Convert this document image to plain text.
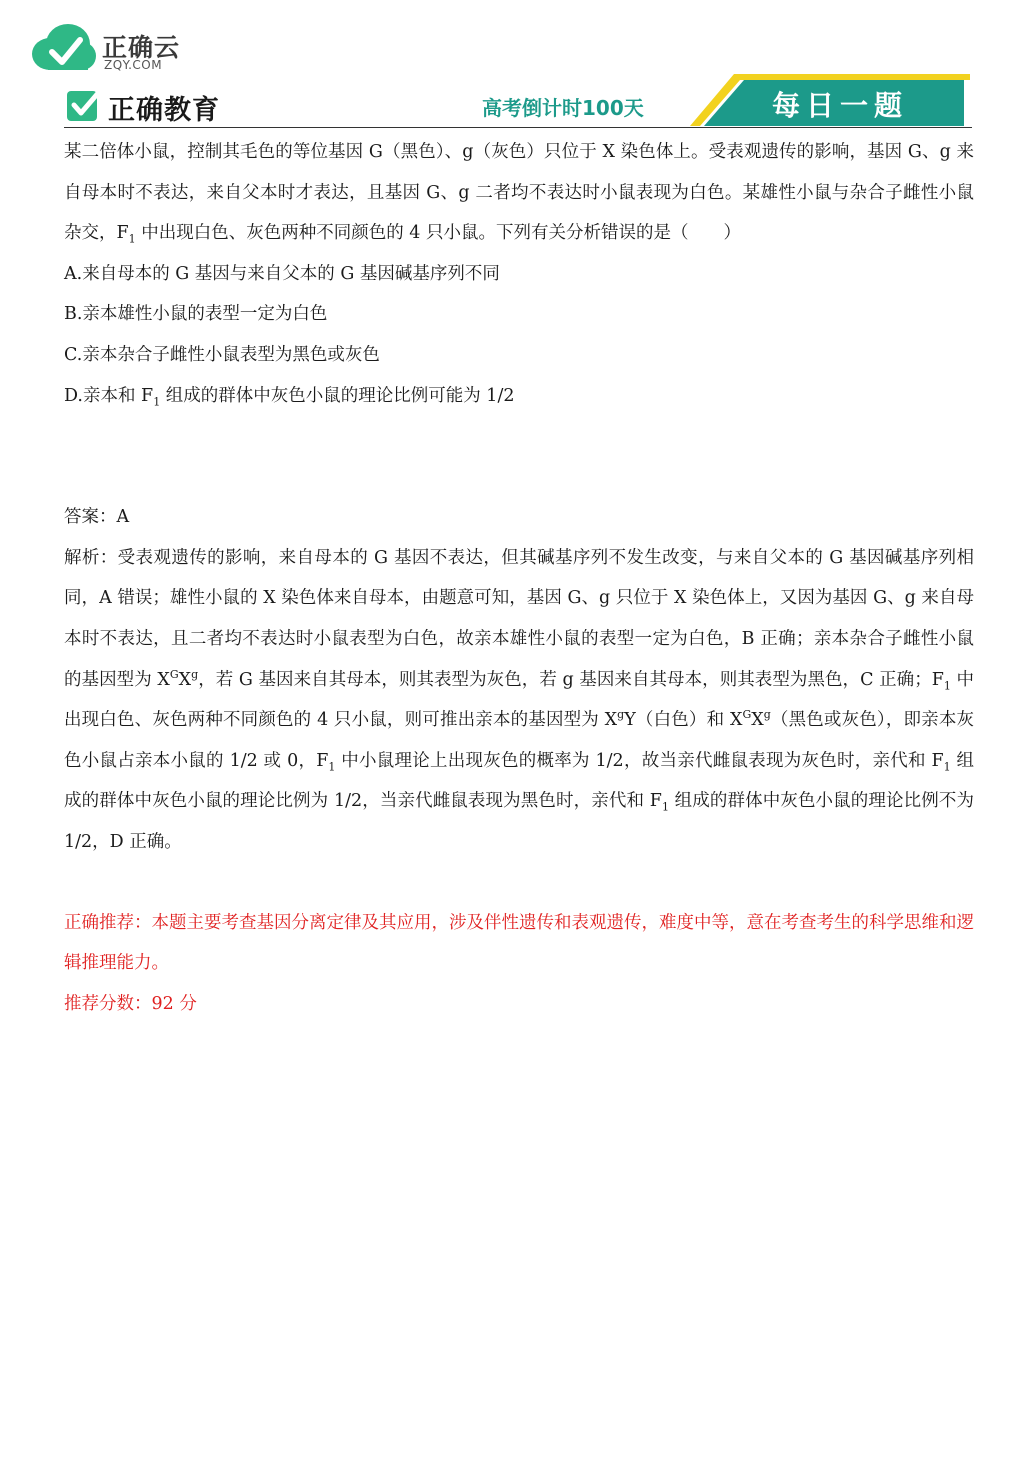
正确云
ZQY.COM
正确教育	高考倒计时100天	每日一题

某二倍体小鼠，控制其毛色的等位基因 G（黑色）、g（灰色）只位于 X 染色体上。受表观遗传的影响，基因 G、g 来自母本时不表达，来自父本时才表达，且基因 G、g 二者均不表达时小鼠表现为白色。某雄性小鼠与杂合子雌性小鼠杂交，$F_1$ 中出现白色、灰色两种不同颜色的 4 只小鼠。下列有关分析错误的是（　　）

A.来自母本的 G 基因与来自父本的 G 基因碱基序列不同

B.亲本雄性小鼠的表型一定为白色

C.亲本杂合子雌性小鼠表型为黑色或灰色

D.亲本和 $F_1$ 组成的群体中灰色小鼠的理论比例可能为 1/2

答案：A

解析：受表观遗传的影响，来自母本的 G 基因不表达，但其碱基序列不发生改变，与来自父本的 G 基因碱基序列相同，A 错误；雄性小鼠的 X 染色体来自母本，由题意可知，基因 G、g 只位于 X 染色体上，又因为基因 G、g 来自母本时不表达，且二者均不表达时小鼠表型为白色，故亲本雄性小鼠的表型一定为白色，B 正确；亲本杂合子雌性小鼠的基因型为 $X^GX^g$，若 G 基因来自其母本，则其表型为灰色，若 g 基因来自其母本，则其表型为黑色，C 正确；$F_1$ 中出现白色、灰色两种不同颜色的 4 只小鼠，则可推出亲本的基因型为 $X^gY$（白色）和 $X^GX^g$（黑色或灰色），即亲本灰色小鼠占亲本小鼠的 1/2 或 0，$F_1$ 中小鼠理论上出现灰色的概率为 1/2，故当亲代雌鼠表现为灰色时，亲代和 $F_1$ 组成的群体中灰色小鼠的理论比例为 1/2，当亲代雌鼠表现为黑色时，亲代和 $F_1$ 组成的群体中灰色小鼠的理论比例不为 1/2，D 正确。

正确推荐：本题主要考查基因分离定律及其应用，涉及伴性遗传和表观遗传，难度中等，意在考查考生的科学思维和逻辑推理能力。

推荐分数：92 分
